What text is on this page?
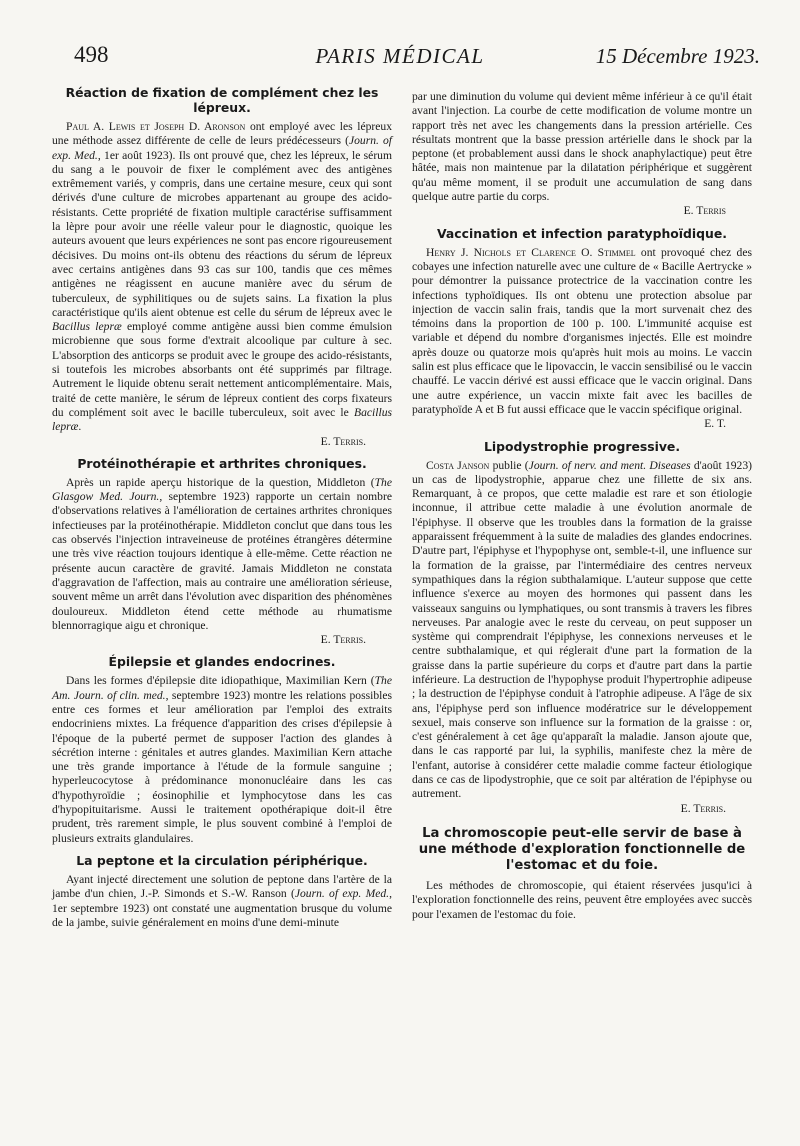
498	PARIS MÉDICAL	15 Décembre 1923.
Réaction de fixation de complément chez les lépreux.

Paul A. Lewis et Joseph D. Aronson ont employé avec les lépreux une méthode assez différente de celle de leurs prédécesseurs (Journ. of exp. Med., 1er août 1923). Ils ont prouvé que, chez les lépreux, le sérum du sang a le pouvoir de fixer le complément avec des antigènes extrêmement variés, y compris, dans une certaine mesure, ceux qui sont dérivés d'une culture de microbes appartenant au groupe des acido-résistants. Cette propriété de fixation multiple caractérise suffisamment la lèpre pour avoir une réelle valeur pour le diagnostic, quoique les auteurs avouent que leurs expériences ne sont pas encore rigoureusement décisives. Du moins ont-ils obtenu des réactions du sérum de lépreux avec certains antigènes dans 93 cas sur 100, tandis que ces mêmes antigènes ne réagissent en aucune manière avec du sérum de tuberculeux, de syphilitiques ou de sujets sains. La fixation la plus caractéristique qu'ils aient obtenue est celle du sérum de lépreux avec le Bacillus lepræ employé comme antigène aussi bien comme émulsion microbienne que sous forme d'extrait alcoolique par culture à sec. L'absorption des anticorps se produit avec le groupe des acido-résistants, si toutefois les microbes absorbants ont été supprimés par filtrage. Autrement le liquide obtenu serait nettement anticomplémentaire. Mais, traité de cette manière, le sérum de lépreux contient des corps fixateurs du complément soit avec le bacille tuberculeux, soit avec le Bacillus lepræ.

E. Terris.
Protéinothérapie et arthrites chroniques.

Après un rapide aperçu historique de la question, Middleton (The Glasgow Med. Journ., septembre 1923) rapporte un certain nombre d'observations relatives à l'amélioration de certaines arthrites chroniques infectieuses par la protéinothérapie. Middleton conclut que dans tous les cas observés l'injection intraveineuse de protéines étrangères détermine une très vive réaction toujours identique à elle-même. Cette réaction ne présente aucun caractère de gravité. Jamais Middleton ne constata d'aggravation de l'affection, mais au contraire une amélioration sérieuse, souvent même un arrêt dans l'évolution avec disparition des phénomènes douloureux. Middleton étend cette méthode au rhumatisme blennorragique aigu et chronique.

E. Terris.
Épilepsie et glandes endocrines.

Dans les formes d'épilepsie dite idiopathique, Maximilian Kern (The Am. Journ. of clin. med., septembre 1923) montre les relations possibles entre ces formes et leur amélioration par l'emploi des extraits endocriniens mixtes. La fréquence d'apparition des crises d'épilepsie à l'époque de la puberté permet de supposer l'action des glandes à sécrétion interne : génitales et autres glandes. Maximilian Kern attache une très grande importance à l'étude de la formule sanguine ; hyperleucocytose à prédominance mononucléaire dans les cas d'hypothyroïdie ; éosinophilie et lymphocytose dans les cas d'hypopituitarisme. Aussi le traitement opothérapique doit-il être prudent, très rarement simple, le plus souvent combiné à l'emploi de plusieurs extraits glandulaires.

La peptone et la circulation périphérique.

Ayant injecté directement une solution de peptone dans l'artère de la jambe d'un chien, J.-P. Simonds et S.-W. Ranson (Journ. of exp. Med., 1er septembre 1923) ont constaté une augmentation brusque du volume de la jambe, suivie généralement en moins d'une demi-minute

par une diminution du volume qui devient même inférieur à ce qu'il était avant l'injection. La courbe de cette modification de volume montre un rapport très net avec les changements dans la pression artérielle. Ces résultats montrent que la basse pression artérielle dans le shock par la peptone (et probablement aussi dans le shock anaphylactique) peut être hâtée, mais non maintenue par la dilatation périphérique et suggèrent qu'au même moment, il se produit une accumulation de sang dans quelque autre partie du corps.

E. Terris
Vaccination et infection paratyphoïdique.

Henry J. Nichols et Clarence O. Stimmel ont provoqué chez des cobayes une infection naturelle avec une culture de « Bacille Aertrycke » pour démontrer la puissance protectrice de la vaccination contre les infections typhoïdiques. Ils ont obtenu une protection absolue par injection de vaccin salin frais, tandis que la mort survenait chez des témoins dans la proportion de 100 p. 100. L'immunité acquise est variable et dépend du nombre d'organismes injectés. Elle est moindre après douze ou quatorze mois qu'après huit mois au moins. Le vaccin salin est plus efficace que le lipovaccin, le vaccin sensibilisé ou le vaccin chauffé. Le vaccin dérivé est aussi efficace que le vaccin original. Dans une autre expérience, un vaccin mixte fait avec les bacilles de paratyphoïde A et B fut aussi efficace que le vaccin spécifique original.

E. T.
Lipodystrophie progressive.

Costa Janson publie (Journ. of nerv. and ment. Diseases d'août 1923) un cas de lipodystrophie, apparue chez une fillette de six ans. Remarquant, à ce propos, que cette maladie est rare et son étiologie inconnue, il attribue cette maladie à une évolution anormale de l'épiphyse. Il observe que les troubles dans la formation de la graisse apparaissent fréquemment à la suite de maladies des glandes endocrines. D'autre part, l'épiphyse et l'hypophyse ont, semble-t-il, une influence sur la formation de la graisse, par l'intermédiaire des centres nerveux sympathiques dans la région subthalamique. L'auteur suppose que cette influence s'exerce au moyen des hormones qui passent dans les vaisseaux sanguins ou lymphatiques, ou sont transmis à travers les fibres nerveuses. Par analogie avec le reste du cerveau, on peut supposer un système qui comprendrait l'épiphyse, les connexions nerveuses et le centre subthalamique, et qui réglerait d'une part la formation de la graisse dans la partie supérieure du corps et d'autre part dans la partie inférieure. La destruction de l'hypophyse produit l'hypertrophie adipeuse ; la destruction de l'épiphyse conduit à l'atrophie adipeuse. A l'âge de six ans, l'épiphyse perd son influence modératrice sur le développement sexuel, mais conserve son influence sur la formation de la graisse : or, c'est généralement à cet âge qu'apparaît la maladie. Janson ajoute que, dans le cas rapporté par lui, la syphilis, manifeste chez la mère de l'enfant, autorise à considérer cette maladie comme facteur étiologique dans ce cas de lipodystrophie, que ce soit par altération de l'épiphyse ou autrement.

E. Terris.
La chromoscopie peut-elle servir de base à une méthode d'exploration fonctionnelle de l'estomac et du foie.

Les méthodes de chromoscopie, qui étaient réservées jusqu'ici à l'exploration fonctionnelle des reins, peuvent être employées avec succès pour l'examen de l'estomac du foie.
